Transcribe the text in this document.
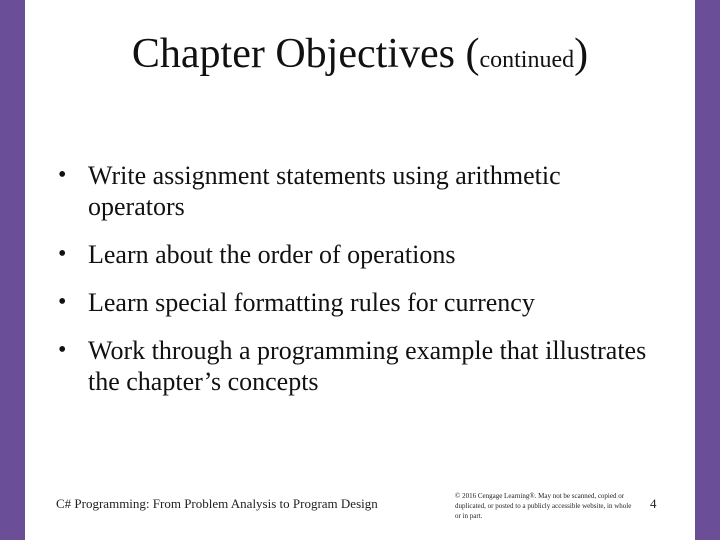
Chapter Objectives (continued)
• Write assignment statements using arithmetic operators
• Learn about the order of operations
• Learn special formatting rules for currency
• Work through a programming example that illustrates the chapter’s concepts
C# Programming: From Problem Analysis to Program Design	© 2016 Cengage Learning®. May not be scanned, copied or duplicated, or posted to a publicly accessible website, in whole or in part.
4
